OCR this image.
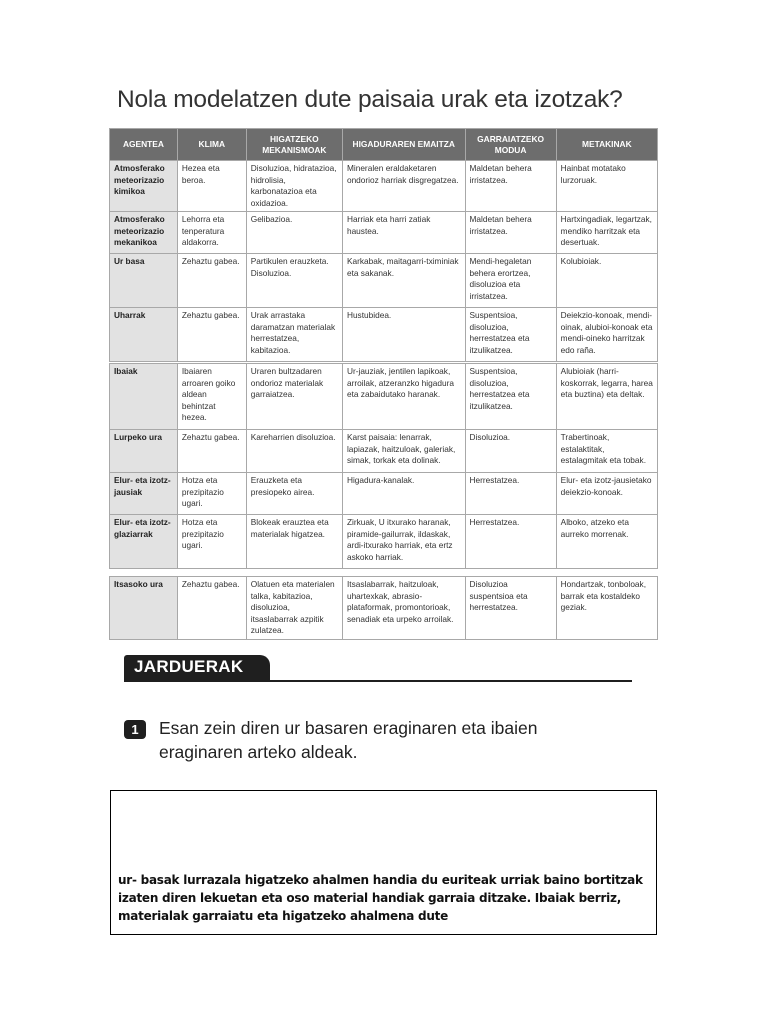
Nola modelatzen dute paisaia urak eta izotzak?
AGENTEA	KLIMA	HIGATZEKO MEKANISMOAK	HIGADURAREN EMAITZA	GARRAIATZEKO MODUA	METAKINAK
Atmosferako meteorizazio kimikoa	Hezea eta beroa.	Disoluzioa, hidratazioa, hidrolisia, karbonatazioa eta oxidazioa.	Mineralen eraldaketaren ondorioz harriak disgregatzea.	Maldetan behera irristatzea.	Hainbat motatako lurzoruak.
Atmosferako meteorizazio mekanikoa	Lehorra eta tenperatura aldakorra.	Gelibazioa.	Harriak eta harri zatiak haustea.	Maldetan behera irristatzea.	Hartxingadiak, legartzak, mendiko harritzak eta desertuak.
Ur basa	Zehaztu gabea.	Partikulen erauzketa. Disoluzioa.	Karkabak, maitagarri-tximiniak eta sakanak.	Mendi-hegaletan behera erortzea, disoluzioa eta irristatzea.	Kolubioiak.
Uharrak	Zehaztu gabea.	Urak arrastaka daramatzan materialak herrestatzea, kabitazioa.	Hustubidea.	Suspentsioa, disoluzioa, herrestatzea eta itzulikatzea.	Deiekzio-konoak, mendi-oinak, alubioi-konoak eta mendi-oineko harritzak edo raña.
Ibaiak	Ibaiaren arroaren goiko aldean behintzat hezea.	Uraren bultzadaren ondorioz materialak garraiatzea.	Ur-jauziak, jentilen lapikoak, arroilak, atzeranzko higadura eta zabaidutako haranak.	Suspentsioa, disoluzioa, herrestatzea eta itzulikatzea.	Alubioiak (harri-koskorrak, legarra, harea eta buztina) eta deltak.
Lurpeko ura	Zehaztu gabea.	Kareharrien disoluzioa.	Karst paisaia: lenarrak, lapiazak, haitzuloak, galeriak, simak, torkak eta dolinak.	Disoluzioa.	Trabertinoak, estalaktitak, estalagmitak eta tobak.
Elur- eta izotz-jausiak	Hotza eta prezipitazio ugari.	Erauzketa eta presiopeko airea.	Higadura-kanalak.	Herrestatzea.	Elur- eta izotz-jausietako deiekzio-konoak.
Elur- eta izotz-glaziarrak	Hotza eta prezipitazio ugari.	Blokeak erauztea eta materialak higatzea.	Zirkuak, U itxurako haranak, piramide-gailurrak, ildaskak, ardi-itxurako harriak, eta ertz askoko harriak.	Herrestatzea.	Alboko, atzeko eta aurreko morrenak.
Itsasoko ura	Zehaztu gabea.	Olatuen eta materialen talka, kabitazioa, disoluzioa, itsaslabarrak azpitik zulatzea.	Itsaslabarrak, haitzuloak, uhartexkak, abrasio-plataformak, promontorioak, senadiak eta urpeko arroilak.	Disoluzioa suspentsioa eta herrestatzea.	Hondartzak, tonboloak, barrak eta kostaldeko geziak.
JARDUERAK
1	Esan zein diren ur basaren eraginaren eta ibaien eraginaren arteko aldeak.
ur- basak lurrazala higatzeko ahalmen handia du euriteak urriak baino bortitzak izaten diren lekuetan eta oso material handiak garraia ditzake. Ibaiak berriz, materialak garraiatu eta higatzeko ahalmena dute
